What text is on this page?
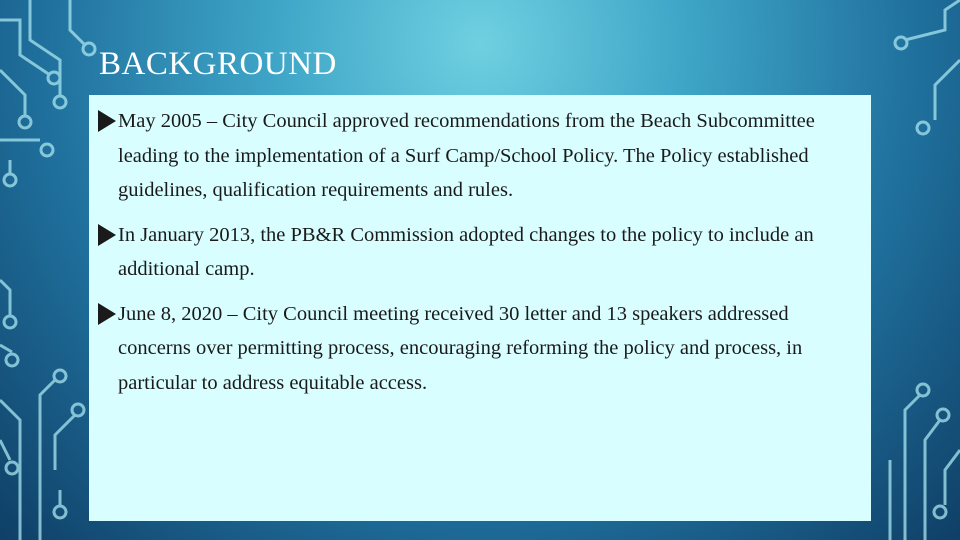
BACKGROUND
May 2005 – City Council approved recommendations from the Beach Subcommittee leading to the implementation of a Surf Camp/School Policy. The Policy established guidelines, qualification requirements and rules.
In January 2013, the PB&R Commission adopted changes to the policy to include an additional camp.
June 8, 2020 – City Council meeting received 30 letter and 13 speakers addressed concerns over permitting process, encouraging reforming the policy and process, in particular to address equitable access.
